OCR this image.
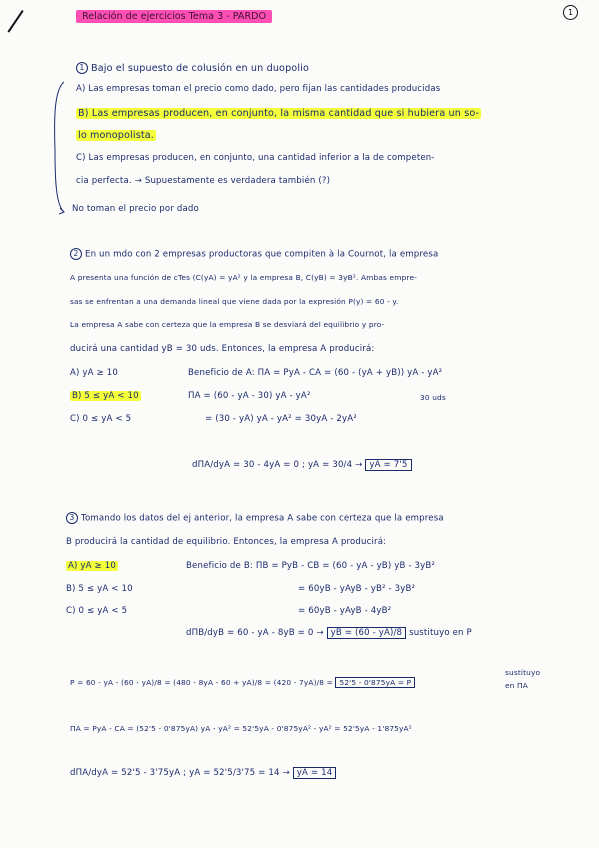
Relación de ejercicios Tema 3 - PARDO	1
1 Bajo el supuesto de colusión en un duopolio
A) Las empresas toman el precio como dado, pero fijan las cantidades producidas
B) Las empresas producen, en conjunto, la misma cantidad que si hubiera un so-
lo monopolista.
C) Las empresas producen, en conjunto, una cantidad inferior a la de competen-
cia perfecta. → Supuestamente es verdadera también (?)
No toman el precio por dado
2 En un mdo con 2 empresas productoras que compiten à la Cournot, la empresa
A presenta una función de cTes (C(yA) = yA² y la empresa B, C(yB) = 3yB². Ambas empre-
sas se enfrentan a una demanda lineal que viene dada por la expresión P(y) = 60 - y.
La empresa A sabe con certeza que la empresa B se desviará del equilibrio y pro-
ducirá una cantidad yB = 30 uds. Entonces, la empresa A producirá:
A) yA ≥ 10
B) 5 ≤ yA < 10
C) 0 ≤ yA < 5
Beneficio de A: ΠA = PyA - CA = (60 - (yA + yB)) yA - yA²
30 uds
ΠA = (60 - yA - 30) yA - yA²
= (30 - yA) yA - yA² = 30yA - 2yA²
dΠA/dyA = 30 - 4yA = 0 ; yA = 30/4 → yA = 7'5
3 Tomando los datos del ej anterior, la empresa A sabe con certeza que la empresa
B producirá la cantidad de equilibrio. Entonces, la empresa A producirá:
A) yA ≥ 10
B) 5 ≤ yA < 10
C) 0 ≤ yA < 5
Beneficio de B: ΠB = PyB - CB = (60 - yA - yB) yB - 3yB²
= 60yB - yAyB - yB² - 3yB²
= 60yB - yAyB - 4yB²
dΠB/dyB = 60 - yA - 8yB = 0 → yB = (60 - yA)/8 sustituyo en P
P = 60 - yA - (60 - yA)/8 = (480 - 8yA - 60 + yA)/8 = (420 - 7yA)/8 = 52'5 - 0'875yA = P
sustituyo
en ΠA
ΠA = PyA - CA = (52'5 - 0'875yA) yA - yA² = 52'5yA - 0'875yA² - yA² = 52'5yA - 1'875yA²
dΠA/dyA = 52'5 - 3'75yA ; yA = 52'5/3'75 = 14 → yA = 14
